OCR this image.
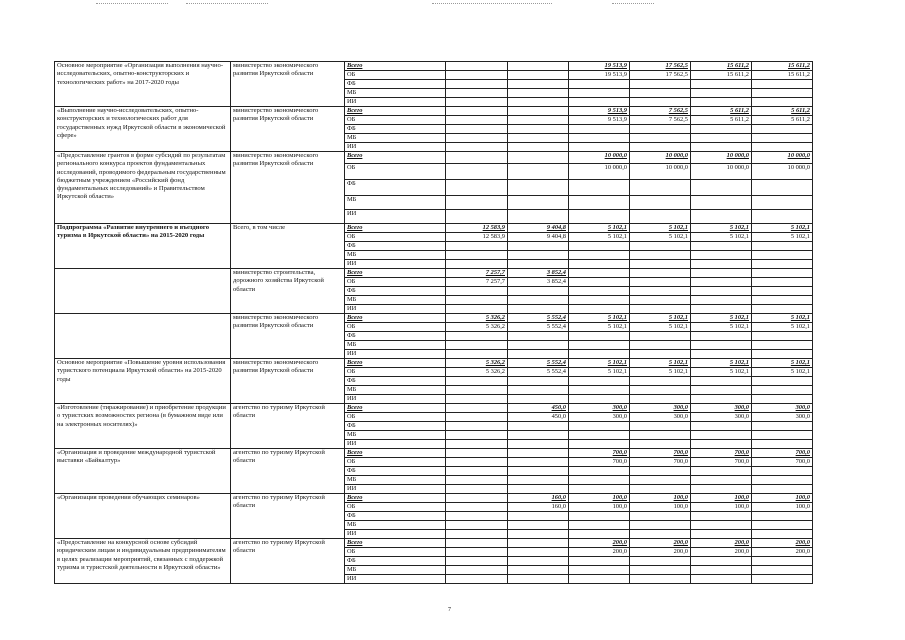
Основное мероприятие «Организация выполнения научно-исследовательских, опытно-конструкторских и технологических работ» на 2017-2020 годы	министерство экономического развития Иркутской области	Всего			19 513,9	17 562,5	15 611,2	15 611,2
		ОБ			19 513,9	17 562,5	15 611,2	15 611,2
		ФБ						
		МБ						
		ИИ						
«Выполнение научно-исследовательских, опытно-конструкторских и технологических работ для государственных нужд Иркутской области в экономической сфере»	министерство экономического развития Иркутской области	Всего			9 513,9	7 562,5	5 611,2	5 611,2
		ОБ			9 513,9	7 562,5	5 611,2	5 611,2
		ФБ						
		МБ						
		ИИ						
«Предоставление грантов в форме субсидий по результатам регионального конкурса проектов фундаментальных исследований, проводимого федеральным государственным бюджетным учреждением «Российский фонд фундаментальных исследований» и Правительством Иркутской области»	министерство экономического развития Иркутской области	Всего			10 000,0	10 000,0	10 000,0	10 000,0
		ОБ			10 000,0	10 000,0	10 000,0	10 000,0
		ФБ						
		МБ						
		ИИ						
Подпрограмма «Развитие внутреннего и въездного туризма в Иркутской области» на 2015-2020 годы	Всего, в том числе	Всего	12 583,9	9 404,8	5 102,1	5 102,1	5 102,1	5 102,1
		ОБ	12 583,9	9 404,8	5 102,1	5 102,1	5 102,1	5 102,1
		ФБ						
		МБ						
		ИИ						
	министерство строительства, дорожного хозяйства Иркутской области	Всего	7 257,7	3 852,4				
		ОБ	7 257,7	3 852,4				
		ФБ						
		МБ						
		ИИ						
	министерство экономического развития Иркутской области	Всего	5 326,2	5 552,4	5 102,1	5 102,1	5 102,1	5 102,1
		ОБ	5 326,2	5 552,4	5 102,1	5 102,1	5 102,1	5 102,1
		ФБ						
		МБ						
		ИИ						
Основное мероприятие «Повышение уровня использования туристского потенциала Иркутской области» на 2015-2020 годы	министерство экономического развития Иркутской области	Всего	5 326,2	5 552,4	5 102,1	5 102,1	5 102,1	5 102,1
		ОБ	5 326,2	5 552,4	5 102,1	5 102,1	5 102,1	5 102,1
		ФБ						
		МБ						
		ИИ						
«Изготовление (тиражирование) и приобретение продукции о туристских возможностях региона (в бумажном виде или на электронных носителях)»	агентство по туризму Иркутской области	Всего		450,0	300,0	300,0	300,0	300,0
		ОБ		450,0	300,0	300,0	300,0	300,0
		ФБ						
		МБ						
		ИИ						
«Организация и проведение международной туристской выставки «Байкалтур»	агентство по туризму Иркутской области	Всего			700,0	700,0	700,0	700,0
		ОБ			700,0	700,0	700,0	700,0
		ФБ						
		МБ						
		ИИ						
«Организация проведения обучающих семинаров»	агентство по туризму Иркутской области	Всего		160,0	100,0	100,0	100,0	100,0
		ОБ		160,0	100,0	100,0	100,0	100,0
		ФБ						
		МБ						
		ИИ						
«Предоставление на конкурсной основе субсидий юридическим лицам и индивидуальным предпринимателям в целях реализации мероприятий, связанных с поддержкой туризма и туристской деятельности в Иркутской области»	агентство по туризму Иркутской области	Всего			200,0	200,0	200,0	200,0
		ОБ			200,0	200,0	200,0	200,0
		ФБ						
		МБ						
		ИИ						
7
